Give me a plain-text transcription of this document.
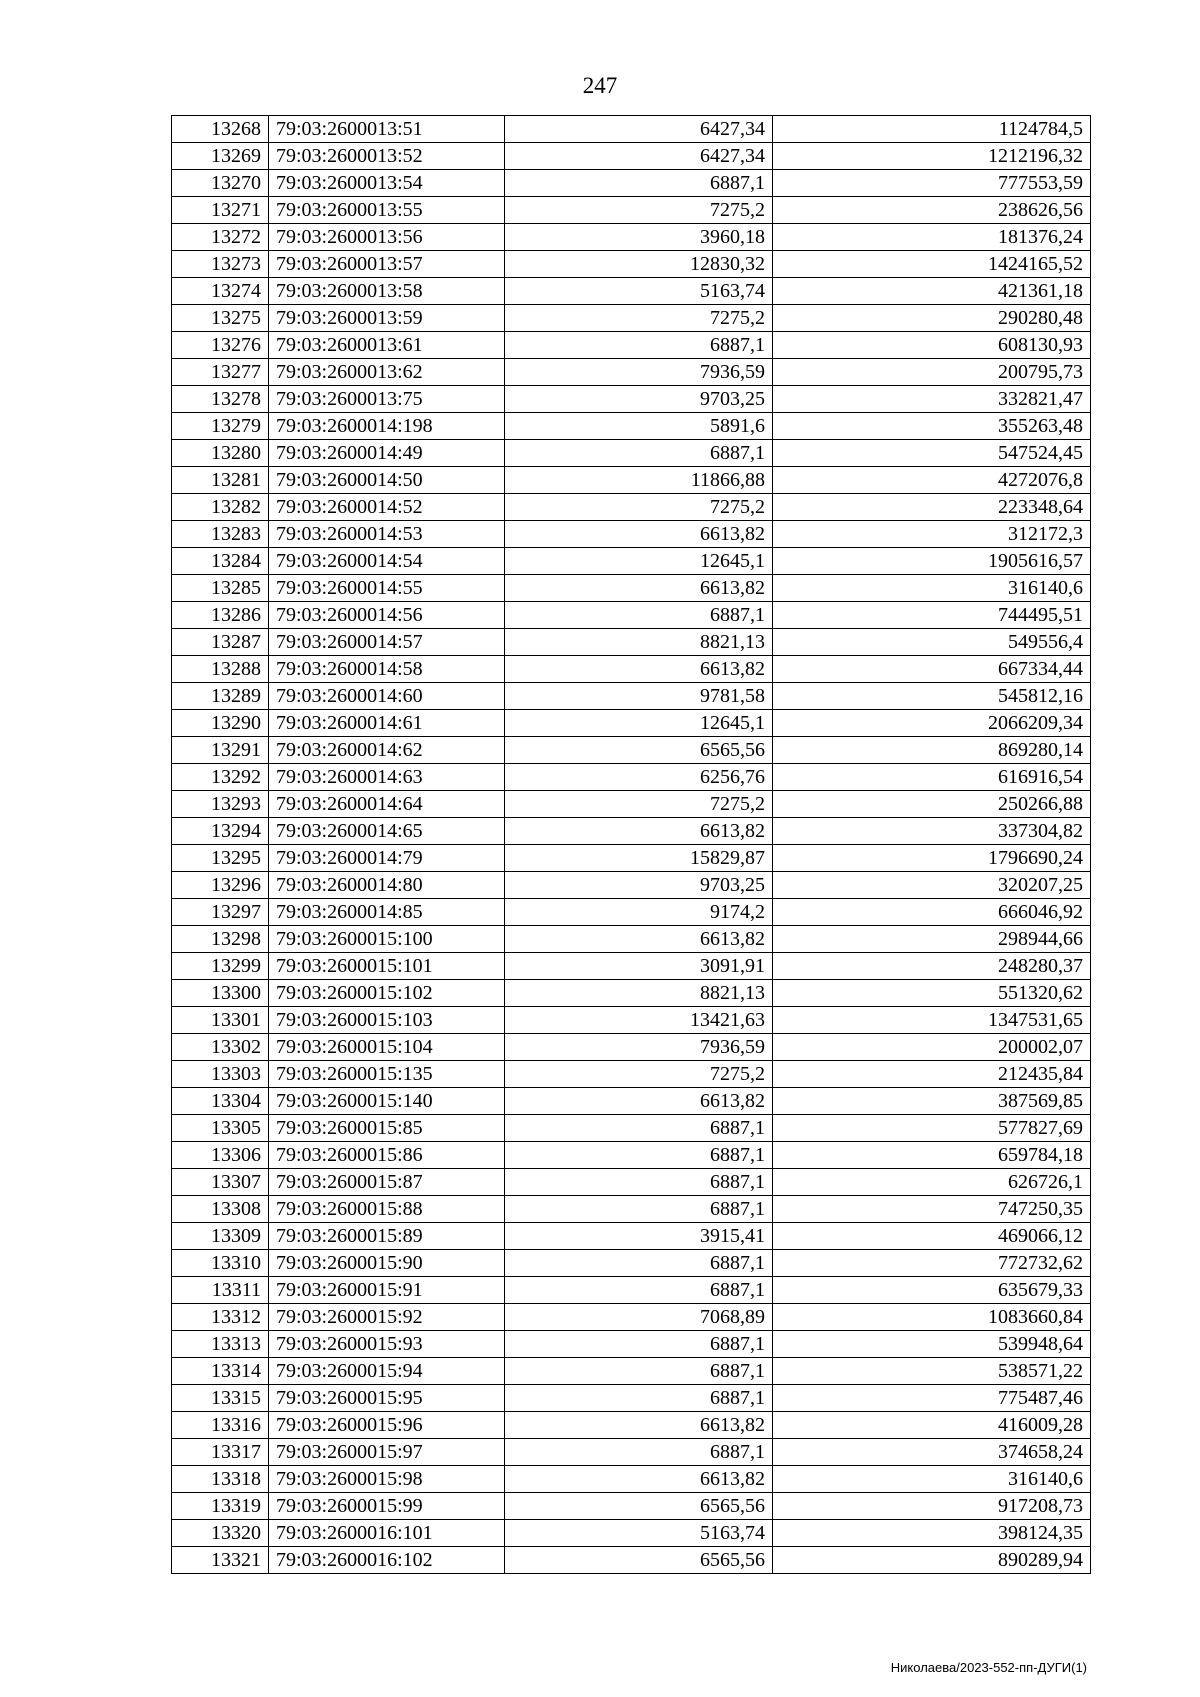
247
13268	79:03:2600013:51	6427,34	1124784,5
13269	79:03:2600013:52	6427,34	1212196,32
13270	79:03:2600013:54	6887,1	777553,59
13271	79:03:2600013:55	7275,2	238626,56
13272	79:03:2600013:56	3960,18	181376,24
13273	79:03:2600013:57	12830,32	1424165,52
13274	79:03:2600013:58	5163,74	421361,18
13275	79:03:2600013:59	7275,2	290280,48
13276	79:03:2600013:61	6887,1	608130,93
13277	79:03:2600013:62	7936,59	200795,73
13278	79:03:2600013:75	9703,25	332821,47
13279	79:03:2600014:198	5891,6	355263,48
13280	79:03:2600014:49	6887,1	547524,45
13281	79:03:2600014:50	11866,88	4272076,8
13282	79:03:2600014:52	7275,2	223348,64
13283	79:03:2600014:53	6613,82	312172,3
13284	79:03:2600014:54	12645,1	1905616,57
13285	79:03:2600014:55	6613,82	316140,6
13286	79:03:2600014:56	6887,1	744495,51
13287	79:03:2600014:57	8821,13	549556,4
13288	79:03:2600014:58	6613,82	667334,44
13289	79:03:2600014:60	9781,58	545812,16
13290	79:03:2600014:61	12645,1	2066209,34
13291	79:03:2600014:62	6565,56	869280,14
13292	79:03:2600014:63	6256,76	616916,54
13293	79:03:2600014:64	7275,2	250266,88
13294	79:03:2600014:65	6613,82	337304,82
13295	79:03:2600014:79	15829,87	1796690,24
13296	79:03:2600014:80	9703,25	320207,25
13297	79:03:2600014:85	9174,2	666046,92
13298	79:03:2600015:100	6613,82	298944,66
13299	79:03:2600015:101	3091,91	248280,37
13300	79:03:2600015:102	8821,13	551320,62
13301	79:03:2600015:103	13421,63	1347531,65
13302	79:03:2600015:104	7936,59	200002,07
13303	79:03:2600015:135	7275,2	212435,84
13304	79:03:2600015:140	6613,82	387569,85
13305	79:03:2600015:85	6887,1	577827,69
13306	79:03:2600015:86	6887,1	659784,18
13307	79:03:2600015:87	6887,1	626726,1
13308	79:03:2600015:88	6887,1	747250,35
13309	79:03:2600015:89	3915,41	469066,12
13310	79:03:2600015:90	6887,1	772732,62
13311	79:03:2600015:91	6887,1	635679,33
13312	79:03:2600015:92	7068,89	1083660,84
13313	79:03:2600015:93	6887,1	539948,64
13314	79:03:2600015:94	6887,1	538571,22
13315	79:03:2600015:95	6887,1	775487,46
13316	79:03:2600015:96	6613,82	416009,28
13317	79:03:2600015:97	6887,1	374658,24
13318	79:03:2600015:98	6613,82	316140,6
13319	79:03:2600015:99	6565,56	917208,73
13320	79:03:2600016:101	5163,74	398124,35
13321	79:03:2600016:102	6565,56	890289,94
Николаева/2023-552-пп-ДУГИ(1)
